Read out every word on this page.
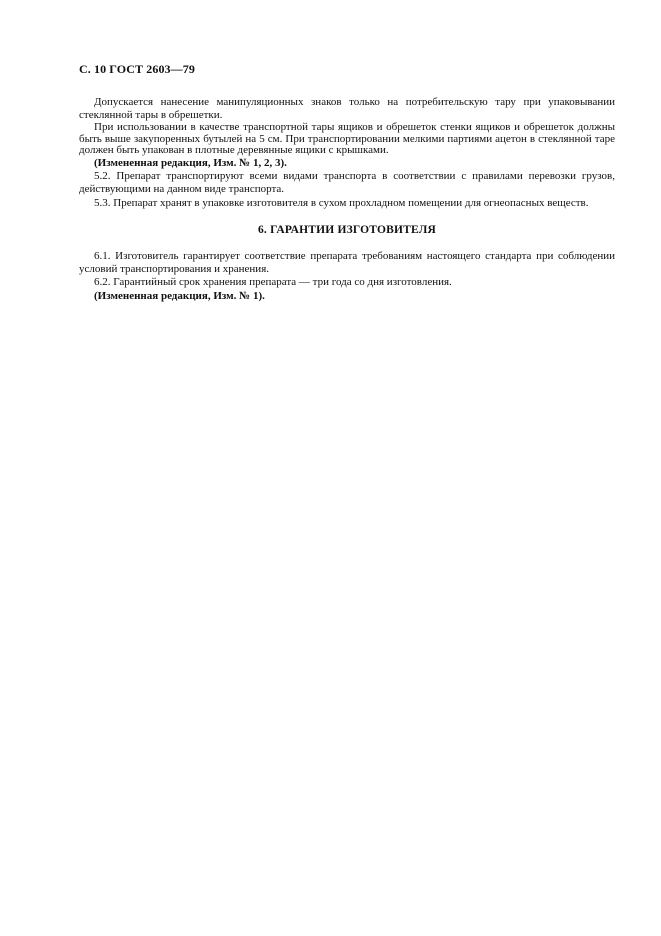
С. 10 ГОСТ 2603—79

Допускается нанесение манипуляционных знаков только на потребительскую тару при упаковывании стеклянной тары в обрешетки.

При использовании в качестве транспортной тары ящиков и обрешеток стенки ящиков и обрешеток должны быть выше закупоренных бутылей на 5 см. При транспортировании мелкими партиями ацетон в стеклянной таре должен быть упакован в плотные деревянные ящики с крышками.

(Измененная редакция, Изм. № 1, 2, 3).

5.2. Препарат транспортируют всеми видами транспорта в соответствии с правилами перевозки грузов, действующими на данном виде транспорта.

5.3. Препарат хранят в упаковке изготовителя в сухом прохладном помещении для огнеопасных веществ.

6. ГАРАНТИИ ИЗГОТОВИТЕЛЯ

6.1. Изготовитель гарантирует соответствие препарата требованиям настоящего стандарта при соблюдении условий транспортирования и хранения.

6.2. Гарантийный срок хранения препарата — три года со дня изготовления.

(Измененная редакция, Изм. № 1).
